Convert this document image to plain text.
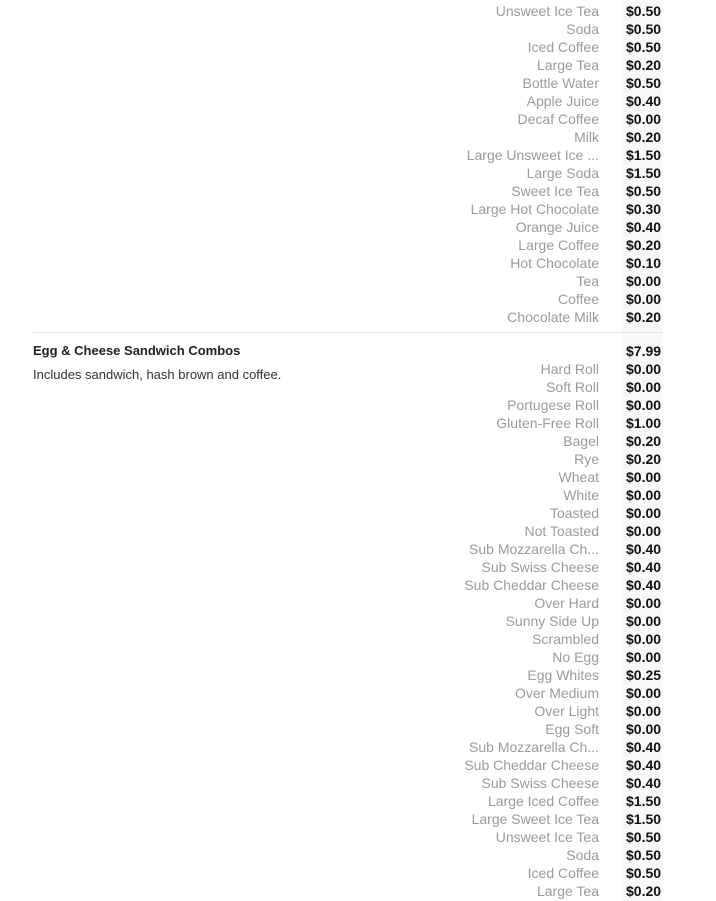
Unsweet Ice Tea $0.50
Soda $0.50
Iced Coffee $0.50
Large Tea $0.20
Bottle Water $0.50
Apple Juice $0.40
Decaf Coffee $0.00
Milk $0.20
Large Unsweet Ice ... $1.50
Large Soda $1.50
Sweet Ice Tea $0.50
Large Hot Chocolate $0.30
Orange Juice $0.40
Large Coffee $0.20
Hot Chocolate $0.10
Tea $0.00
Coffee $0.00
Chocolate Milk $0.20
Egg & Cheese Sandwich Combos	$7.99
Includes sandwich, hash brown and coffee.	Hard Roll $0.00
Soft Roll $0.00
Portugese Roll $0.00
Gluten-Free Roll $1.00
Bagel $0.20
Rye $0.20
Wheat $0.00
White $0.00
Toasted $0.00
Not Toasted $0.00
Sub Mozzarella Ch... $0.40
Sub Swiss Cheese $0.40
Sub Cheddar Cheese $0.40
Over Hard $0.00
Sunny Side Up $0.00
Scrambled $0.00
No Egg $0.00
Egg Whites $0.25
Over Medium $0.00
Over Light $0.00
Egg Soft $0.00
Sub Mozzarella Ch... $0.40
Sub Cheddar Cheese $0.40
Sub Swiss Cheese $0.40
Large Iced Coffee $1.50
Large Sweet Ice Tea $1.50
Unsweet Ice Tea $0.50
Soda $0.50
Iced Coffee $0.50
Large Tea $0.20
